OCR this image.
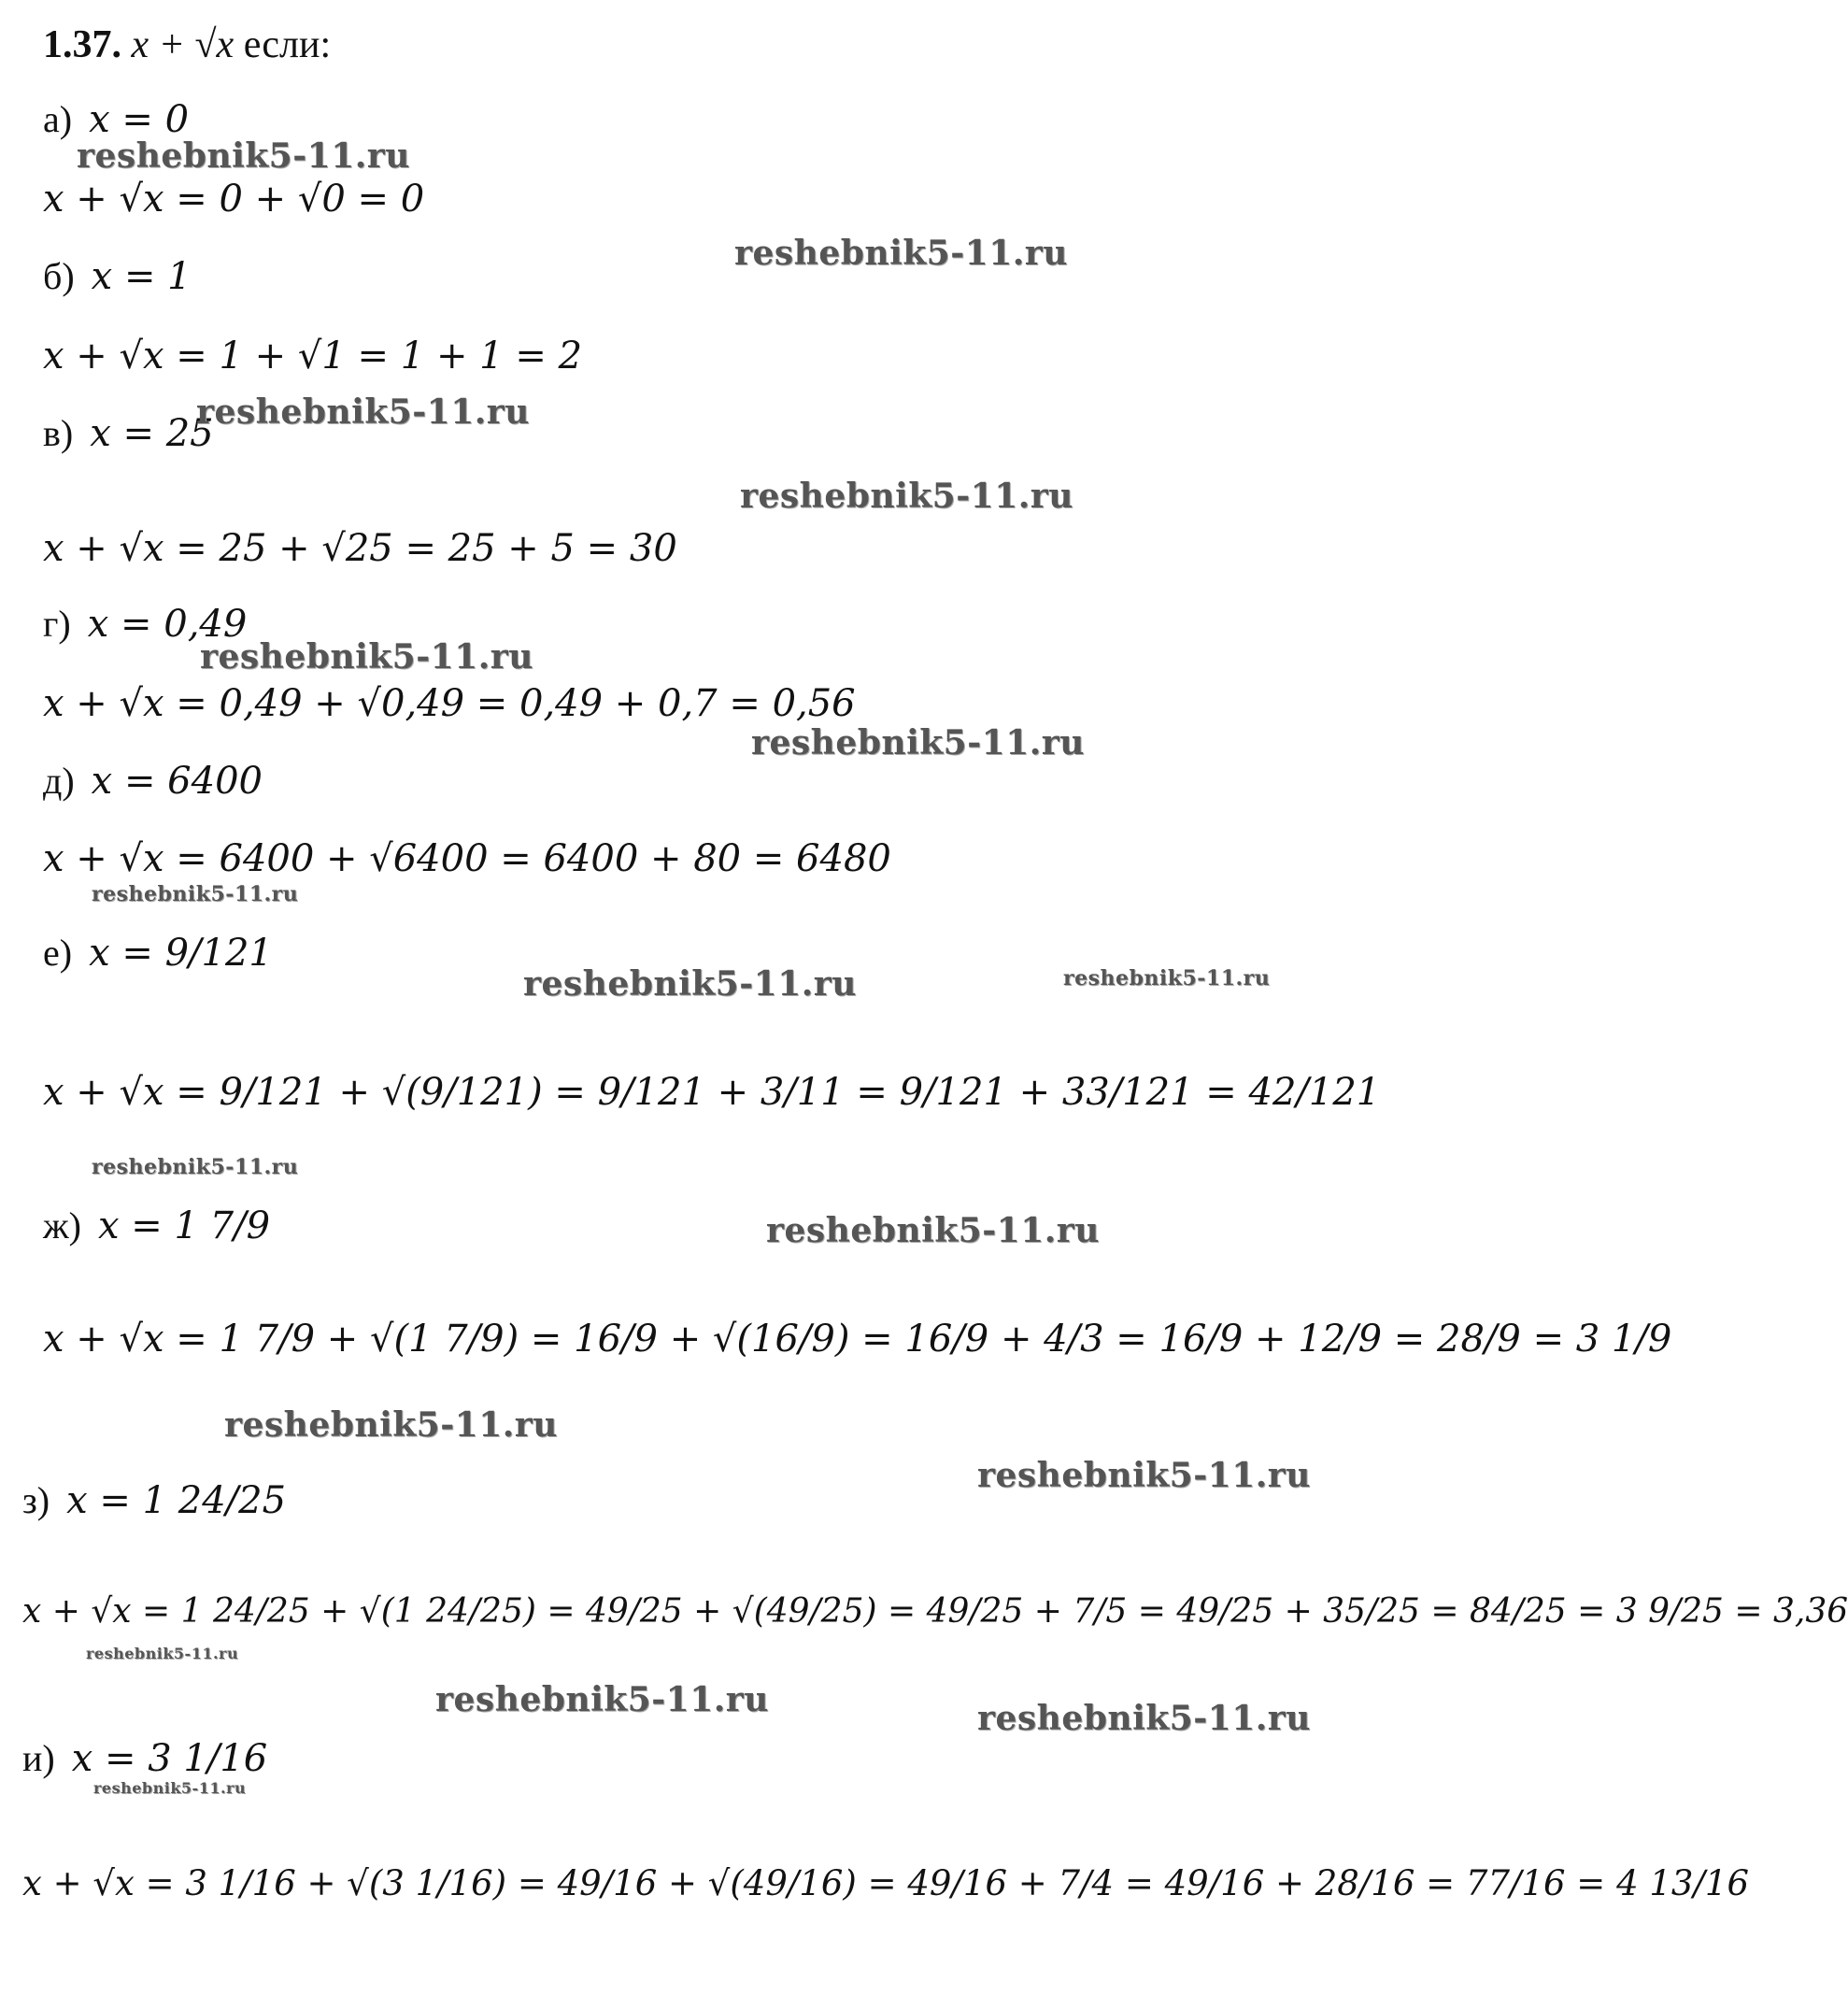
1.37. x + √x если:
а) x = 0
x + √x = 0 + √0 = 0
б) x = 1
x + √x = 1 + √1 = 1 + 1 = 2
в) x = 25
x + √x = 25 + √25 = 25 + 5 = 30
г) x = 0,49
x + √x = 0,49 + √0,49 = 0,49 + 0,7 = 0,56
д) x = 6400
x + √x = 6400 + √6400 = 6400 + 80 = 6480
е) x = 9/121
x + √x = 9/121 + √(9/121) = 9/121 + 3/11 = 9/121 + 33/121 = 42/121
ж) x = 1 7/9
x + √x = 1 7/9 + √(1 7/9) = 16/9 + √(16/9) = 16/9 + 4/3 = 16/9 + 12/9 = 28/9 = 3 1/9
з) x = 1 24/25
x + √x = 1 24/25 + √(1 24/25) = 49/25 + √(49/25) = 49/25 + 7/5 = 49/25 + 35/25 = 84/25 = 3 9/25 = 3,36
и) x = 3 1/16
x + √x = 3 1/16 + √(3 1/16) = 49/16 + √(49/16) = 49/16 + 7/4 = 49/16 + 28/16 = 77/16 = 4 13/16
reshebnik5-11.ru
reshebnik5-11.ru
reshebnik5-11.ru
reshebnik5-11.ru
reshebnik5-11.ru
reshebnik5-11.ru
reshebnik5-11.ru
reshebnik5-11.ru	reshebnik5-11.ru
reshebnik5-11.ru
reshebnik5-11.ru
reshebnik5-11.ru
reshebnik5-11.ru
reshebnik5-11.ru
reshebnik5-11.ru	reshebnik5-11.ru
reshebnik5-11.ru
